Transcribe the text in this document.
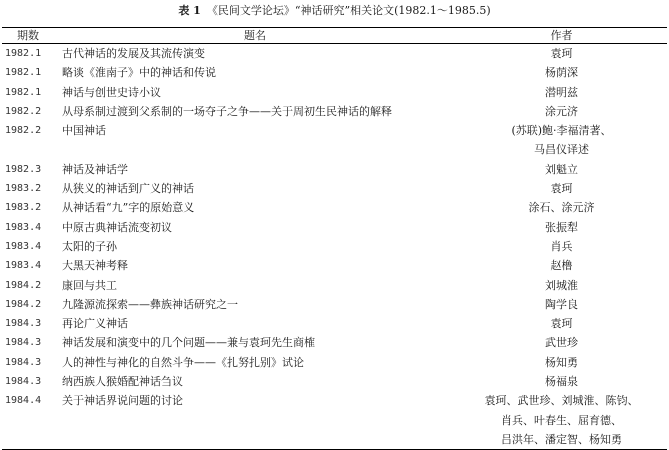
表 1 《民间文学论坛》“神话研究”相关论文(1982.1～1985.5)
期数	题名	作者
1982.1	古代神话的发展及其流传演变	袁珂

1982.1	略谈《淮南子》中的神话和传说	杨荫深

1982.1	神话与创世史诗小议	潜明兹

1982.2	从母系制过渡到父系制的一场夺子之争——关于周初生民神话的解释	涂元济

1982.2	中国神话	(苏联)鲍·李福清著、
马昌仪译述

1982.3	神话及神话学	刘魁立

1983.2	从狭义的神话到广义的神话	袁珂

1983.2	从神话看“九”字的原始意义	涂石、涂元济

1983.4	中原古典神话流变初议	张振犁

1983.4	太阳的子孙	肖兵

1983.4	大黑天神考释	赵橹

1984.2	康回与共工	刘城淮

1984.2	九隆源流探索——彝族神话研究之一	陶学良

1984.3	再论广义神话	袁珂

1984.3	神话发展和演变中的几个问题——兼与袁珂先生商榷	武世珍

1984.3	人的神性与神化的自然斗争——《扎努扎别》试论	杨知勇

1984.3	纳西族人猴婚配神话刍议	杨福泉

1984.4	关于神话界说问题的讨论	袁珂、武世珍、刘城淮、陈钧、
肖兵、叶春生、屈育德、
吕洪年、潘定智、杨知勇
